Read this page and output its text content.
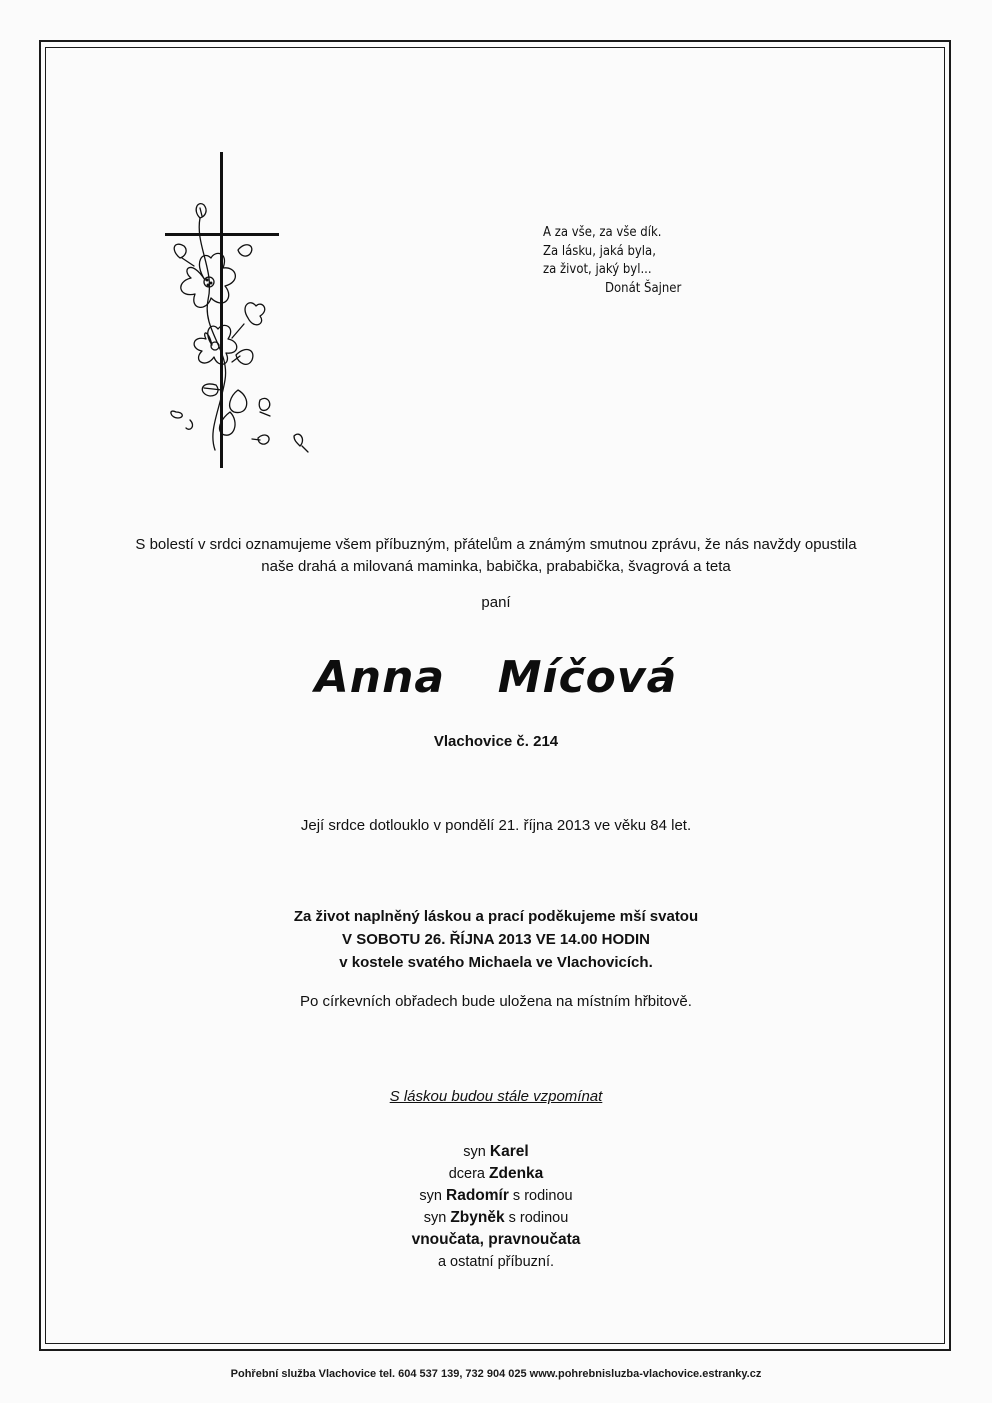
A za vše, za vše dík.
Za lásku, jaká byla,
za život, jaký byl...
Donát Šajner
S bolestí v srdci oznamujeme všem příbuzným, přátelům a známým smutnou zprávu, že nás navždy opustila
naše drahá a milovaná maminka, babička, prababička, švagrová a teta
paní
Anna  Míčová
Vlachovice č. 214
Její srdce dotlouklo v pondělí 21. října 2013 ve věku 84 let.
Za život naplněný láskou a prací poděkujeme mší svatou
V SOBOTU 26. ŘÍJNA 2013 VE 14.00 HODIN
v kostele svatého Michaela ve Vlachovicích.
Po církevních obřadech bude uložena na místním hřbitově.
S láskou budou stále vzpomínat
syn Karel
dcera Zdenka
syn Radomír s rodinou
syn Zbyněk s rodinou
vnoučata, pravnoučata
a ostatní příbuzní.
Pohřební služba Vlachovice tel. 604 537 139, 732 904 025 www.pohrebnisluzba-vlachovice.estranky.cz
